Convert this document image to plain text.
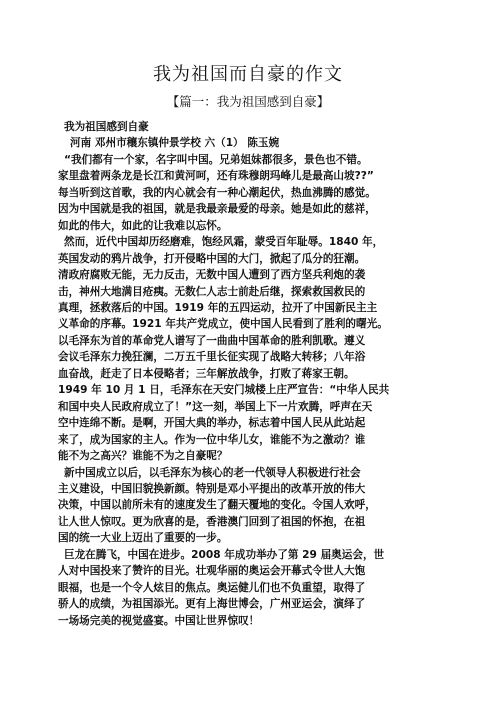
我为祖国而自豪的作文
【篇一：我为祖国感到自豪】
我为祖国感到自豪
河南 邓州市穰东镇仲景学校 六（1） 陈玉婉
“我们都有一个家，名字叫中国。兄弟姐妹都很多，景色也不错。
家里盘着两条龙是长江和黄河呵，还有珠穆朗玛峰儿是最高山坡??”
每当听到这首歌，我的内心就会有一种心潮起伏，热血沸腾的感觉。
因为中国就是我的祖国，就是我最亲最爱的母亲。她是如此的慈祥，
如此的伟大，如此的让我难以忘怀。
然而，近代中国却历经磨难，饱经风霜，蒙受百年耻辱。1840 年，
英国发动的鸦片战争，打开侵略中国的大门，掀起了瓜分的狂潮。
清政府腐败无能，无力反击，无数中国人遭到了西方坚兵利炮的袭
击，神州大地满目疮痍。无数仁人志士前赴后继，探索救国救民的
真理，拯救落后的中国。1919 年的五四运动，拉开了中国新民主主
义革命的序幕。1921 年共产党成立，使中国人民看到了胜利的曙光。
以毛泽东为首的革命党人谱写了一曲曲中国革命的胜利凯歌。遵义
会议毛泽东力挽狂澜，二万五千里长征实现了战略大转移；八年浴
血奋战，赶走了日本侵略者；三年解放战争，打败了蒋家王朝。
1949 年 10 月 1 日，毛泽东在天安门城楼上庄严宣告：“中华人民共
和国中央人民政府成立了！”这一刻，举国上下一片欢腾，呼声在天
空中连绵不断。是啊，开国大典的举办，标志着中国人民从此站起
来了，成为国家的主人。作为一位中华儿女，谁能不为之激动？谁
能不为之高兴？谁能不为之自豪呢？
新中国成立以后，以毛泽东为核心的老一代领导人积极进行社会
主义建设，中国旧貌换新颜。特别是邓小平提出的改革开放的伟大
决策，中国以前所未有的速度发生了翻天覆地的变化。令国人欢呼，
让人世人惊叹。更为欣喜的是，香港澳门回到了祖国的怀抱，在祖
国的统一大业上迈出了重要的一步。
巨龙在腾飞，中国在进步。2008 年成功举办了第 29 届奥运会，世
人对中国投来了赞许的目光。壮观华丽的奥运会开幕式令世人大饱
眼福，也是一个令人炫目的焦点。奥运健儿们也不负重望，取得了
骄人的成绩，为祖国添光。更有上海世博会，广州亚运会，演绎了
一场场完美的视觉盛宴。中国让世界惊叹！
